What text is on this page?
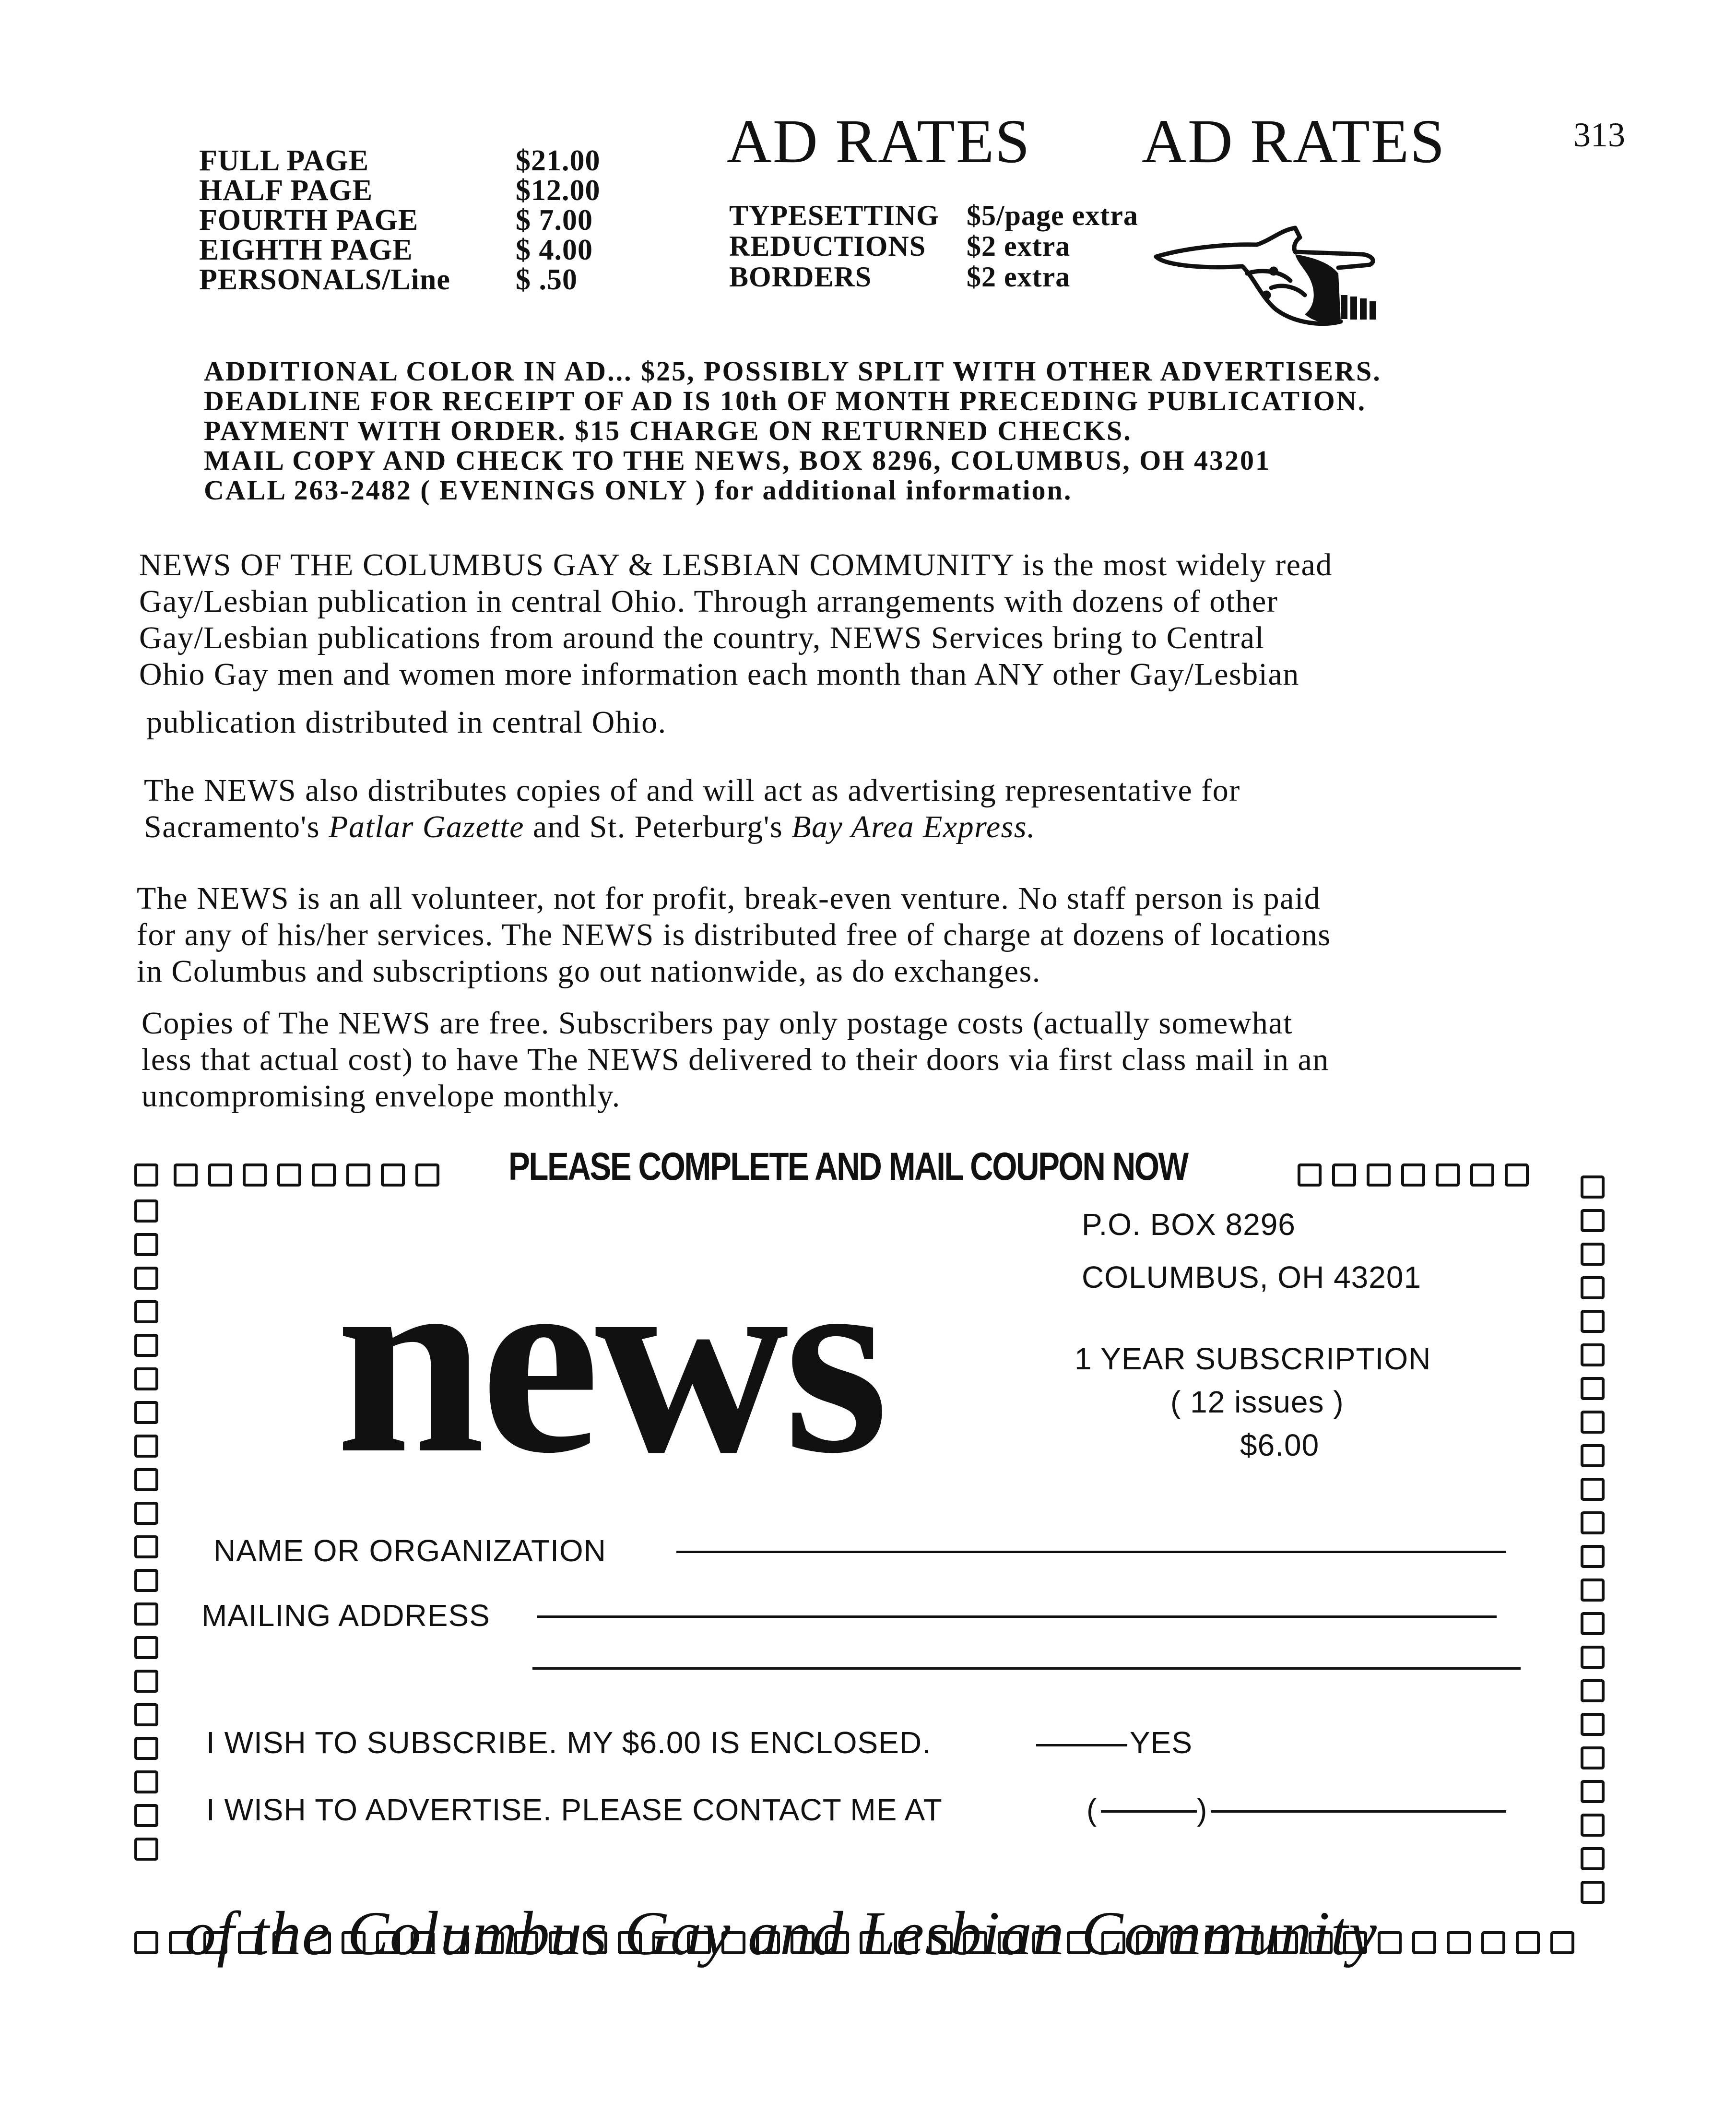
313
FULL PAGE	$21.00
HALF PAGE	$12.00
FOURTH PAGE	$ 7.00
EIGHTH PAGE	$ 4.00
PERSONALS/Line $ .50
AD RATES AD RATES
TYPESETTING $5/page extra
REDUCTIONS $2 extra
BORDERS	$2 extra
ADDITIONAL COLOR IN AD... $25, POSSIBLY SPLIT WITH OTHER ADVERTISERS.
DEADLINE FOR RECEIPT OF AD IS 10th OF MONTH PRECEDING PUBLICATION.
PAYMENT WITH ORDER. $15 CHARGE ON RETURNED CHECKS.
MAIL COPY AND CHECK TO THE NEWS, BOX 8296, COLUMBUS, OH 43201
CALL 263-2482 ( EVENINGS ONLY ) for additional information.
NEWS OF THE COLUMBUS GAY & LESBIAN COMMUNITY is the most widely read
Gay/Lesbian publication in central Ohio. Through arrangements with dozens of other
Gay/Lesbian publications from around the country, NEWS Services bring to Central
Ohio Gay men and women more information each month than ANY other Gay/Lesbian
publication distributed in central Ohio.
The NEWS also distributes copies of and will act as advertising representative for
Sacramento's Patlar Gazette and St. Peterburg's Bay Area Express.
The NEWS is an all volunteer, not for profit, break-even venture. No staff person is paid
for any of his/her services. The NEWS is distributed free of charge at dozens of locations
in Columbus and subscriptions go out nationwide, as do exchanges.
Copies of The NEWS are free. Subscribers pay only postage costs (actually somewhat
less that actual cost) to have The NEWS delivered to their doors via first class mail in an
uncompromising envelope monthly.
PLEASE COMPLETE AND MAIL COUPON NOW
news	P.O. BOX 8296
COLUMBUS, OH 43201
1 YEAR SUBSCRIPTION
( 12 issues )
$6.00
NAME OR ORGANIZATION
MAILING ADDRESS
I WISH TO SUBSCRIBE. MY $6.00 IS ENCLOSED.	YES
I WISH TO ADVERTISE. PLEASE CONTACT ME AT	(	)
of the Columbus Gay and Lesbian Community
